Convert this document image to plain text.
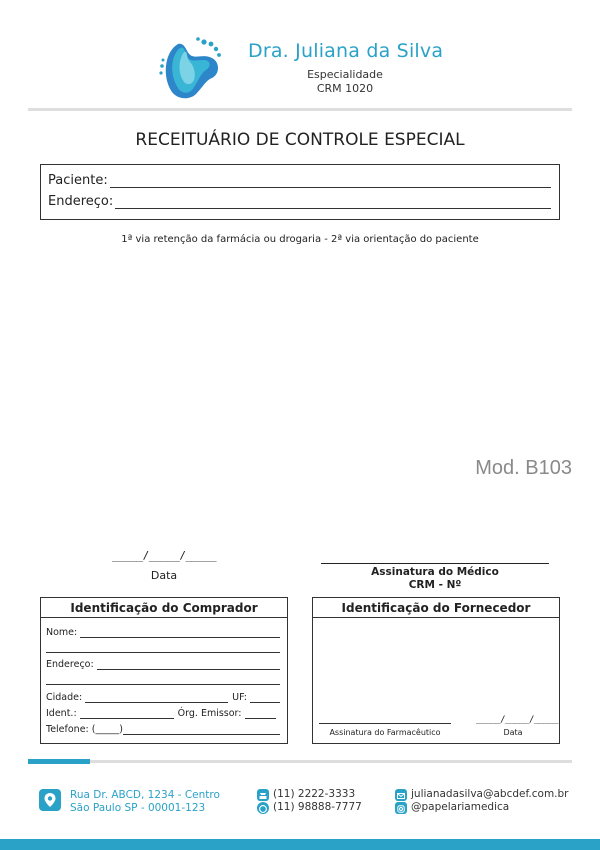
Dra. Juliana da Silva
Especialidade
CRM 1020
RECEITUÁRIO DE CONTROLE ESPECIAL
Paciente:
Endereço:
1ª via retenção da farmácia ou drogaria - 2ª via orientação do paciente
Mod. B103
_____/_____/_____
Data	Assinatura do Médico
CRM - Nº
Identificação do Comprador
Nome:
Endereço:
Cidade:	UF:
Ident.:	Órg. Emissor:
Telefone: (_____)
Identificação do Fornecedor
Assinatura do Farmacêutico
_____/_____/_____
Data
Rua Dr. ABCD, 1234 - Centro
São Paulo SP - 00001-123
(11) 2222-3333
(11) 98888-7777
julianadasilva@abcdef.com.br
@papelariamedica
